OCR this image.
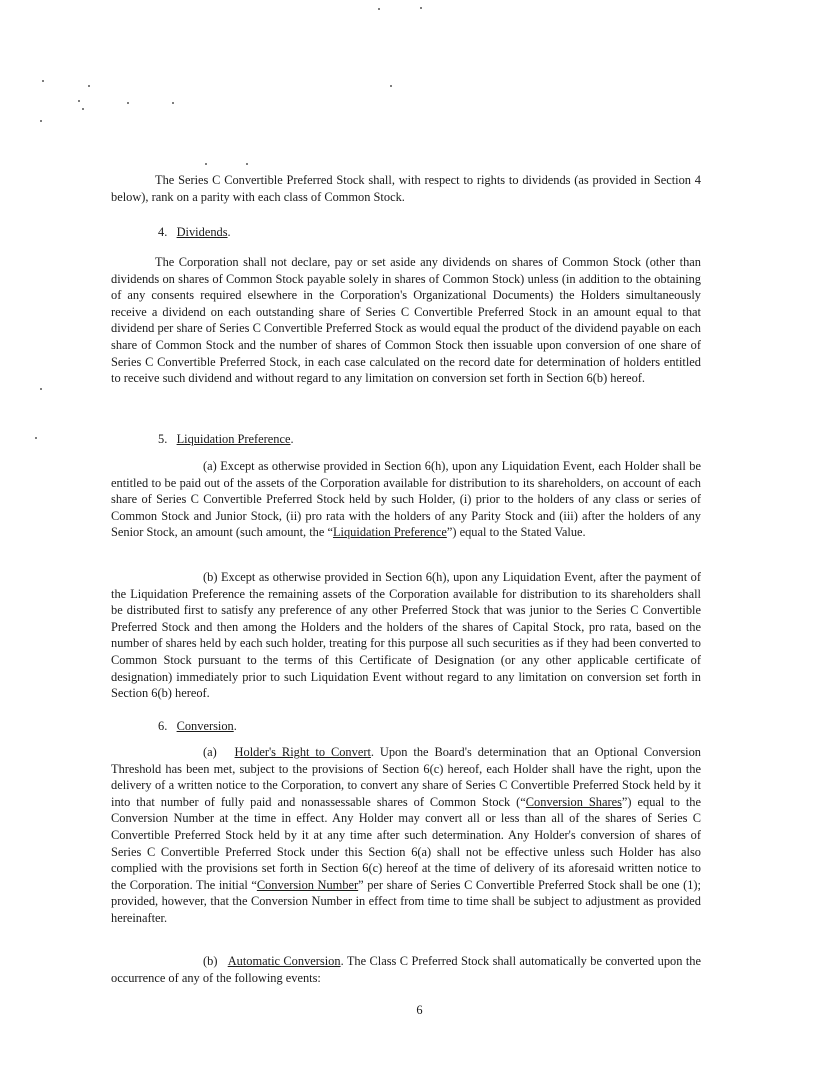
The Series C Convertible Preferred Stock shall, with respect to rights to dividends (as provided in Section 4 below), rank on a parity with each class of Common Stock.

4. Dividends.

The Corporation shall not declare, pay or set aside any dividends on shares of Common Stock (other than dividends on shares of Common Stock payable solely in shares of Common Stock) unless (in addition to the obtaining of any consents required elsewhere in the Corporation's Organizational Documents) the Holders simultaneously receive a dividend on each outstanding share of Series C Convertible Preferred Stock in an amount equal to that dividend per share of Series C Convertible Preferred Stock as would equal the product of the dividend payable on each share of Common Stock and the number of shares of Common Stock then issuable upon conversion of one share of Series C Convertible Preferred Stock, in each case calculated on the record date for determination of holders entitled to receive such dividend and without regard to any limitation on conversion set forth in Section 6(b) hereof.

5. Liquidation Preference.

(a) Except as otherwise provided in Section 6(h), upon any Liquidation Event, each Holder shall be entitled to be paid out of the assets of the Corporation available for distribution to its shareholders, on account of each share of Series C Convertible Preferred Stock held by such Holder, (i) prior to the holders of any class or series of Common Stock and Junior Stock, (ii) pro rata with the holders of any Parity Stock and (iii) after the holders of any Senior Stock, an amount (such amount, the “Liquidation Preference”) equal to the Stated Value.

(b) Except as otherwise provided in Section 6(h), upon any Liquidation Event, after the payment of the Liquidation Preference the remaining assets of the Corporation available for distribution to its shareholders shall be distributed first to satisfy any preference of any other Preferred Stock that was junior to the Series C Convertible Preferred Stock and then among the Holders and the holders of the shares of Capital Stock, pro rata, based on the number of shares held by each such holder, treating for this purpose all such securities as if they had been converted to Common Stock pursuant to the terms of this Certificate of Designation (or any other applicable certificate of designation) immediately prior to such Liquidation Event without regard to any limitation on conversion set forth in Section 6(b) hereof.

6. Conversion.

(a) Holder's Right to Convert. Upon the Board's determination that an Optional Conversion Threshold has been met, subject to the provisions of Section 6(c) hereof, each Holder shall have the right, upon the delivery of a written notice to the Corporation, to convert any share of Series C Convertible Preferred Stock held by it into that number of fully paid and nonassessable shares of Common Stock (“Conversion Shares”) equal to the Conversion Number at the time in effect. Any Holder may convert all or less than all of the shares of Series C Convertible Preferred Stock held by it at any time after such determination. Any Holder's conversion of shares of Series C Convertible Preferred Stock under this Section 6(a) shall not be effective unless such Holder has also complied with the provisions set forth in Section 6(c) hereof at the time of delivery of its aforesaid written notice to the Corporation. The initial “Conversion Number” per share of Series C Convertible Preferred Stock shall be one (1); provided, however, that the Conversion Number in effect from time to time shall be subject to adjustment as provided hereinafter.

(b) Automatic Conversion. The Class C Preferred Stock shall automatically be converted upon the occurrence of any of the following events:

6
